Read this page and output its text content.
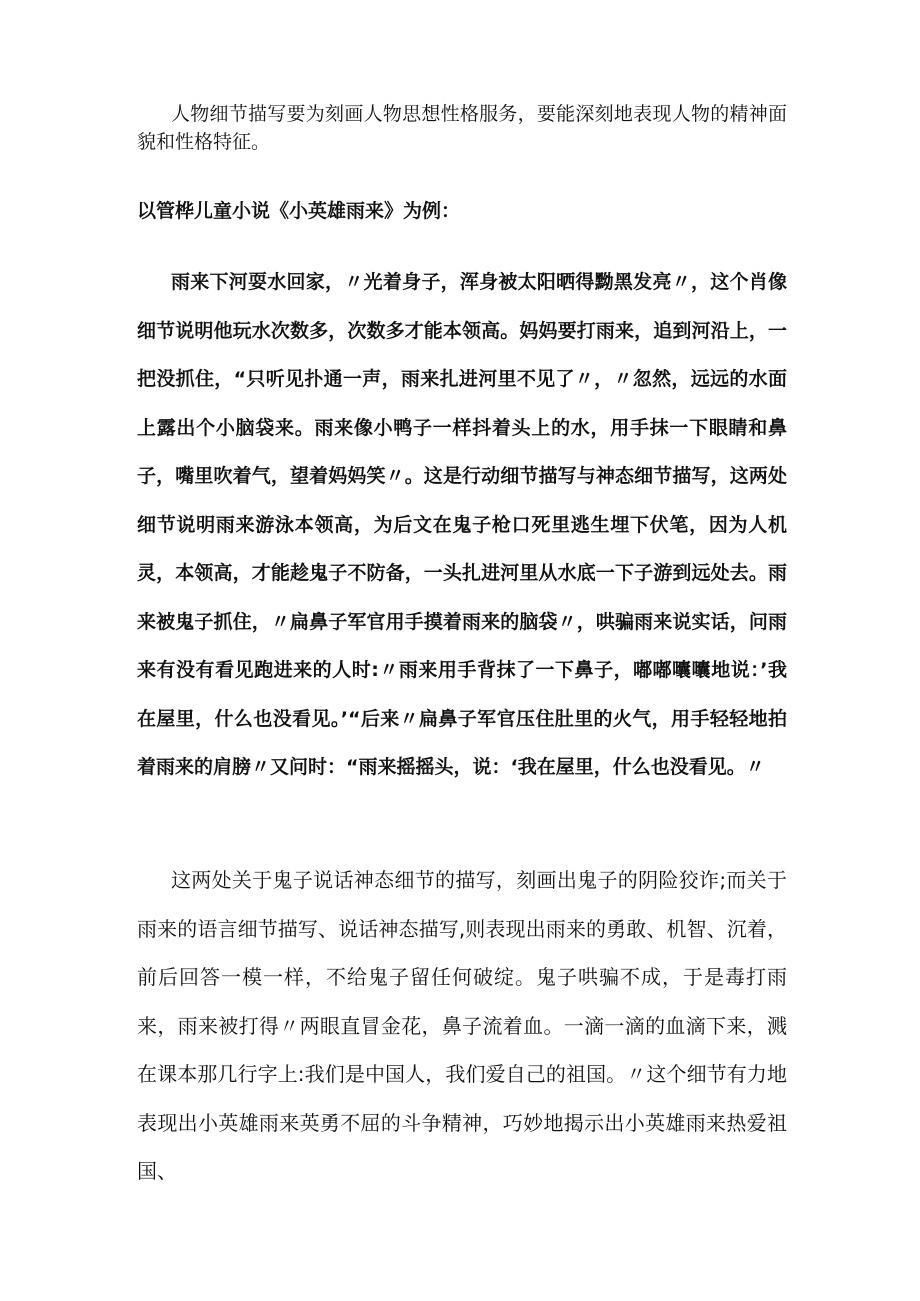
人物细节描写要为刻画人物思想性格服务，要能深刻地表现人物的精神面貌和性格特征。

以管桦儿童小说《小英雄雨来》为例：

雨来下河耍水回家，〃光着身子，浑身被太阳晒得黝黑发亮〃，这个肖像细节说明他玩水次数多，次数多才能本领高。妈妈要打雨来，追到河沿上，一把没抓住，“只听见扑通一声，雨来扎进河里不见了〃，〃忽然，远远的水面上露出个小脑袋来。雨来像小鸭子一样抖着头上的水，用手抹一下眼睛和鼻子，嘴里吹着气，望着妈妈笑〃。这是行动细节描写与神态细节描写，这两处细节说明雨来游泳本领高，为后文在鬼子枪口死里逃生埋下伏笔，因为人机灵，本领高，才能趁鬼子不防备，一头扎进河里从水底一下子游到远处去。雨来被鬼子抓住，〃扁鼻子军官用手摸着雨来的脑袋〃，哄骗雨来说实话，问雨来有没有看见跑进来的人时:〃雨来用手背抹了一下鼻子，嘟嘟囔囔地说：’我在屋里，什么也没看见。’“后来〃扁鼻子军官压住肚里的火气，用手轻轻地拍着雨来的肩膀〃又问时：“雨来摇摇头，说：‘我在屋里，什么也没看见。〃

这两处关于鬼子说话神态细节的描写，刻画出鬼子的阴险狡诈;而关于雨来的语言细节描写、说话神态描写,则表现出雨来的勇敢、机智、沉着，前后回答一模一样，不给鬼子留任何破绽。鬼子哄骗不成，于是毒打雨来，雨来被打得〃两眼直冒金花，鼻子流着血。一滴一滴的血滴下来，溅在课本那几行字上:我们是中国人，我们爱自己的祖国。〃这个细节有力地表现出小英雄雨来英勇不屈的斗争精神，巧妙地揭示出小英雄雨来热爱祖国、
